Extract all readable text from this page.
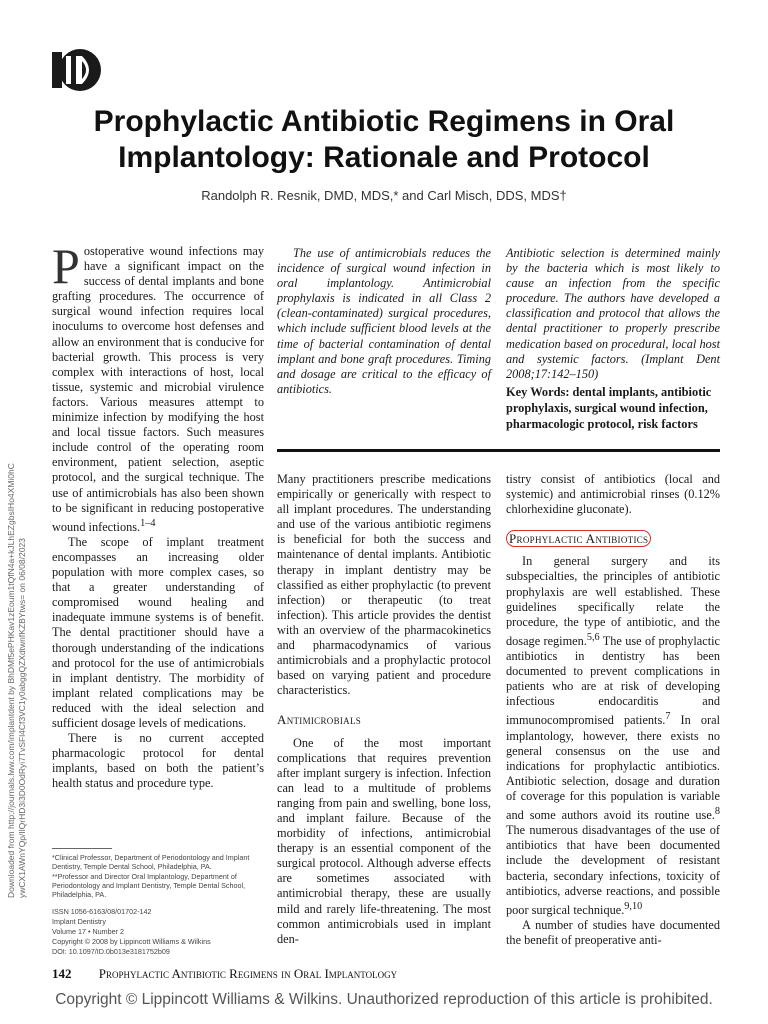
Prophylactic Antibiotic Regimens in Oral
Implantology: Rationale and Protocol
Randolph R. Resnik, DMD, MDS,* and Carl Misch, DDS, MDS†
Downloaded from http://journals.lww.com/implantdent by BhDMf5ePHKav1zEoum1tQfN4a+kJLhEZgbsIHo4XMi0hC ywCX1AWnYQp/IlQrHD3i3D0OdRyi7TvSFl4Cf3VC1y0abggQZXdtwnfKZBYtws= on 06/08/2023
P ostoperative wound infections may have a significant impact on the success of dental implants and bone grafting procedures. The occurrence of surgical wound infection requires local inoculums to overcome host defenses and allow an environment that is conducive for bacterial growth. This process is very complex with interactions of host, local tissue, systemic and microbial virulence factors. Various measures attempt to minimize infection by modifying the host and local tissue factors. Such measures include control of the operating room environment, patient selection, aseptic protocol, and the surgical technique. The use of antimicrobials has also been shown to be significant in reducing postoperative wound infections.$^{1-4}$

The scope of implant treatment encompasses an increasing older population with more complex cases, so that a greater understanding of compromised wound healing and inadequate immune systems is of benefit. The dental practitioner should have a thorough understanding of the indications and protocol for the use of antimicrobials in implant dentistry. The morbidity of implant related complications may be reduced with the ideal selection and sufficient dosage levels of medications.

There is no current accepted pharmacologic protocol for dental implants, based on both the patient’s health status and procedure type.

The use of antimicrobials reduces the incidence of surgical wound infection in oral implantology. Antimicrobial prophylaxis is indicated in all Class 2 (clean-contaminated) surgical procedures, which include sufficient blood levels at the time of bacterial contamination of dental implant and bone graft procedures. Timing and dosage are critical to the efficacy of antibiotics.

Antibiotic selection is determined mainly by the bacteria which is most likely to cause an infection from the specific procedure. The authors have developed a classification and protocol that allows the dental practitioner to properly prescribe medication based on procedural, local host and systemic factors. (Implant Dent 2008;17:142–150)

Key Words: dental implants, antibiotic prophylaxis, surgical wound infection, pharmacologic protocol, risk factors

Many practitioners prescribe medications empirically or generically with respect to all implant procedures. The understanding and use of the various antibiotic regimens is beneficial for both the success and maintenance of dental implants. Antibiotic therapy in implant dentistry may be classified as either prophylactic (to prevent infection) or therapeutic (to treat infection). This article provides the dentist with an overview of the pharmacokinetics and pharmacodynamics of various antimicrobials and a prophylactic protocol based on varying patient and procedure characteristics.

Antimicrobials

One of the most important complications that requires prevention after implant surgery is infection. Infection can lead to a multitude of problems ranging from pain and swelling, bone loss, and implant failure. Because of the morbidity of infections, antimicrobial therapy is an essential component of the surgical protocol. Although adverse effects are sometimes associated with antimicrobial therapy, these are usually mild and rarely life-threatening. The most common antimicrobials used in implant den-

tistry consist of antibiotics (local and systemic) and antimicrobial rinses (0.12% chlorhexidine gluconate).

Prophylactic Antibiotics

In general surgery and its subspecialties, the principles of antibiotic prophylaxis are well established. These guidelines specifically relate the procedure, the type of antibiotic, and the dosage regimen.$^{5,6}$ The use of prophylactic antibiotics in dentistry has been documented to prevent complications in patients who are at risk of developing infectious endocarditis and immunocompromised patients.$^7$ In oral implantology, however, there exists no general consensus on the use and indications for prophylactic antibiotics. Antibiotic selection, dosage and duration of coverage for this population is variable and some authors avoid its routine use.$^8$ The numerous disadvantages of the use of antibiotics that have been documented include the development of resistant bacteria, secondary infections, toxicity of antibiotics, adverse reactions, and possible poor surgical technique.$^{9,10}$

A number of studies have documented the benefit of preoperative anti-

*Clinical Professor, Department of Periodontology and Implant Dentistry, Temple Dental School, Philadelphia, PA.
**Professor and Director Oral Implantology, Department of Periodontology and Implant Dentistry, Temple Dental School, Philadelphia, PA.
ISSN 1056-6163/08/01702-142
Implant Dentistry
Volume 17 • Number 2
Copyright © 2008 by Lippincott Williams & Wilkins
DOI: 10.1097/ID.0b013e3181752b09
142 Prophylactic Antibiotic Regimens in Oral Implantology
Copyright © Lippincott Williams & Wilkins. Unauthorized reproduction of this article is prohibited.
